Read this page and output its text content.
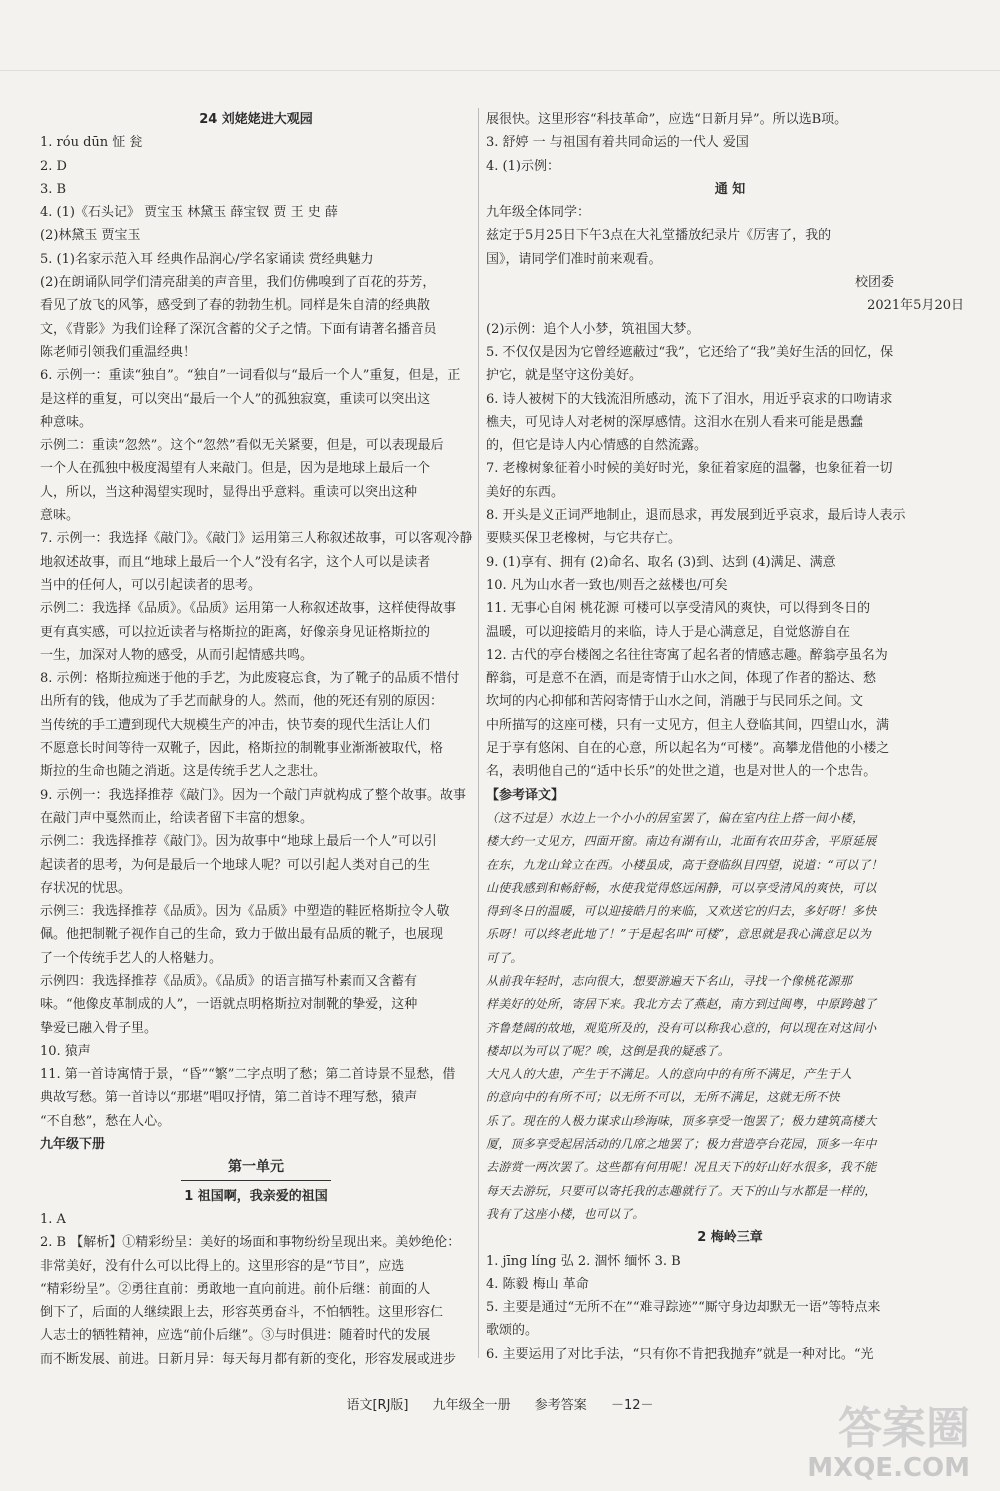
24 刘姥姥进大观园

1. róu dūn 怔 瓮

2. D

3. B

4. (1)《石头记》 贾宝玉 林黛玉 薛宝钗 贾 王 史 薛

(2)林黛玉 贾宝玉

5. (1)名家示范入耳 经典作品润心/学名家诵读 赏经典魅力

(2)在朗诵队同学们清亮甜美的声音里，我们仿佛嗅到了百花的芬芳，

看见了放飞的风筝，感受到了春的勃勃生机。同样是朱自清的经典散

文，《背影》为我们诠释了深沉含蓄的父子之情。下面有请著名播音员

陈老师引领我们重温经典！

6. 示例一：重读“独自”。“独自”一词看似与“最后一个人”重复，但是，正

是这样的重复，可以突出“最后一个人”的孤独寂寞，重读可以突出这

种意味。

示例二：重读“忽然”。这个“忽然”看似无关紧要，但是，可以表现最后

一个人在孤独中极度渴望有人来敲门。但是，因为是地球上最后一个

人，所以，当这种渴望实现时，显得出乎意料。重读可以突出这种

意味。

7. 示例一：我选择《敲门》。《敲门》运用第三人称叙述故事，可以客观冷静

地叙述故事，而且“地球上最后一个人”没有名字，这个人可以是读者

当中的任何人，可以引起读者的思考。

示例二：我选择《品质》。《品质》运用第一人称叙述故事，这样使得故事

更有真实感，可以拉近读者与格斯拉的距离，好像亲身见证格斯拉的

一生，加深对人物的感受，从而引起情感共鸣。

8. 示例：格斯拉痴迷于他的手艺，为此废寝忘食，为了靴子的品质不惜付

出所有的钱，他成为了手艺而献身的人。然而，他的死还有别的原因：

当传统的手工遭到现代大规模生产的冲击，快节奏的现代生活让人们

不愿意长时间等待一双靴子，因此，格斯拉的制靴事业渐渐被取代，格

斯拉的生命也随之消逝。这是传统手艺人之悲壮。

9. 示例一：我选择推荐《敲门》。因为一个敲门声就构成了整个故事。故事

在敲门声中戛然而止，给读者留下丰富的想象。

示例二：我选择推荐《敲门》。因为故事中“地球上最后一个人”可以引

起读者的思考，为何是最后一个地球人呢？可以引起人类对自己的生

存状况的忧思。

示例三：我选择推荐《品质》。因为《品质》中塑造的鞋匠格斯拉令人敬

佩。他把制靴子视作自己的生命，致力于做出最有品质的靴子，也展现

了一个传统手艺人的人格魅力。

示例四：我选择推荐《品质》。《品质》的语言描写朴素而又含蓄有

味。“他像皮革制成的人”，一语就点明格斯拉对制靴的挚爱，这种

挚爱已融入骨子里。

10. 猿声

11. 第一首诗寓情于景，“昏”“繁”二字点明了愁；第二首诗景不显愁，借

典故写愁。第一首诗以“那堪”唱叹抒情，第二首诗不理写愁，猿声

“不自愁”，愁在人心。

九年级下册

第一单元

1 祖国啊，我亲爱的祖国

1. A

2. B 【解析】①精彩纷呈：美好的场面和事物纷纷呈现出来。美妙绝伦：

非常美好，没有什么可以比得上的。这里形容的是“节目”，应选

“精彩纷呈”。②勇往直前：勇敢地一直向前进。前仆后继：前面的人

倒下了，后面的人继续跟上去，形容英勇奋斗，不怕牺牲。这里形容仁

人志士的牺牲精神，应选“前仆后继”。③与时俱进：随着时代的发展

而不断发展、前进。日新月异：每天每月都有新的变化，形容发展或进步

展很快。这里形容“科技革命”，应选“日新月异”。所以选B项。

3. 舒婷 一 与祖国有着共同命运的一代人 爱国

4. (1)示例：

通 知

九年级全体同学：

兹定于5月25日下午3点在大礼堂播放纪录片《厉害了，我的

国》，请同学们准时前来观看。

校团委

2021年5月20日

(2)示例：追个人小梦，筑祖国大梦。

5. 不仅仅是因为它曾经遮蔽过“我”，它还给了“我”美好生活的回忆，保

护它，就是坚守这份美好。

6. 诗人被树下的大钱流泪所感动，流下了泪水，用近乎哀求的口吻请求

樵夫，可见诗人对老树的深厚感情。这泪水在别人看来可能是愚蠢

的，但它是诗人内心情感的自然流露。

7. 老橡树象征着小时候的美好时光，象征着家庭的温馨，也象征着一切

美好的东西。

8. 开头是义正词严地制止，退而恳求，再发展到近乎哀求，最后诗人表示

要赎买保卫老橡树，与它共存亡。

9. (1)享有、拥有 (2)命名、取名 (3)到、达到 (4)满足、满意

10. 凡为山水者一致也/则吾之兹楼也/可矣

11. 无事心自闲 桃花源 可楼可以享受清风的爽快，可以得到冬日的

温暖，可以迎接皓月的来临，诗人于是心满意足，自觉悠游自在

12. 古代的亭台楼阁之名往往寄寓了起名者的情感志趣。醉翁亭虽名为

醉翁，可是意不在酒，而是寄情于山水之间，体现了作者的豁达、愁

坎坷的内心抑郁和苦闷寄情于山水之间，消融于与民同乐之间。文

中所描写的这座可楼，只有一丈见方，但主人登临其间，四望山水，满

足于享有悠闲、自在的心意，所以起名为“可楼”。高攀龙借他的小楼之

名，表明他自己的“适中长乐”的处世之道，也是对世人的一个忠告。

【参考译文】

（这不过是）水边上一个小小的居室罢了，偏在室内往上搭一间小楼，

楼大约一丈见方，四面开窗。南边有湖有山，北面有农田芬舍，平原延展

在东，九龙山耸立在西。小楼虽成，高于登临纵目四望，说道：“可以了！

山使我感到和畅舒畅，水使我觉得悠远闲静，可以享受清风的爽快，可以

得到冬日的温暖，可以迎接皓月的来临，又欢送它的归去，多好呀！多快

乐呀！可以终老此地了！”于是起名叫“可楼”，意思就是我心满意足以为

可了。

从前我年轻时，志向很大，想要游遍天下名山，寻找一个像桃花源那

样美好的处所，寄居下来。我北方去了燕赵，南方到过闽粤，中原跨越了

齐鲁楚阔的故地，观览所及的，没有可以称我心意的，何以现在对这间小

楼却以为可以了呢？唉，这倒是我的疑惑了。

大凡人的大患，产生于不满足。人的意向中的有所不满足，产生于人

的意向中的有所不可；以无所不可以，无所不满足，这就无所不快

乐了。现在的人极力谋求山珍海味，顶多享受一饱罢了；极力建筑高楼大

厦，顶多享受起居活动的几席之地罢了；极力营造亭台花园，顶多一年中

去游赏一两次罢了。这些都有何用呢！况且天下的好山好水很多，我不能

每天去游玩，只要可以寄托我的志趣就行了。天下的山与水都是一样的，

我有了这座小楼，也可以了。

2 梅岭三章

1. jīng líng 弘 2. 涸怀 缅怀 3. B

4. 陈毅 梅山 革命

5. 主要是通过“无所不在”“难寻踪迹”“厮守身边却默无一语”等特点来

歌颂的。

6. 主要运用了对比手法，“只有你不肯把我抛弃”就是一种对比。“光

语文[RJ版] 九年级全一册 参考答案 －12－	答案圈
MXQE.COM
